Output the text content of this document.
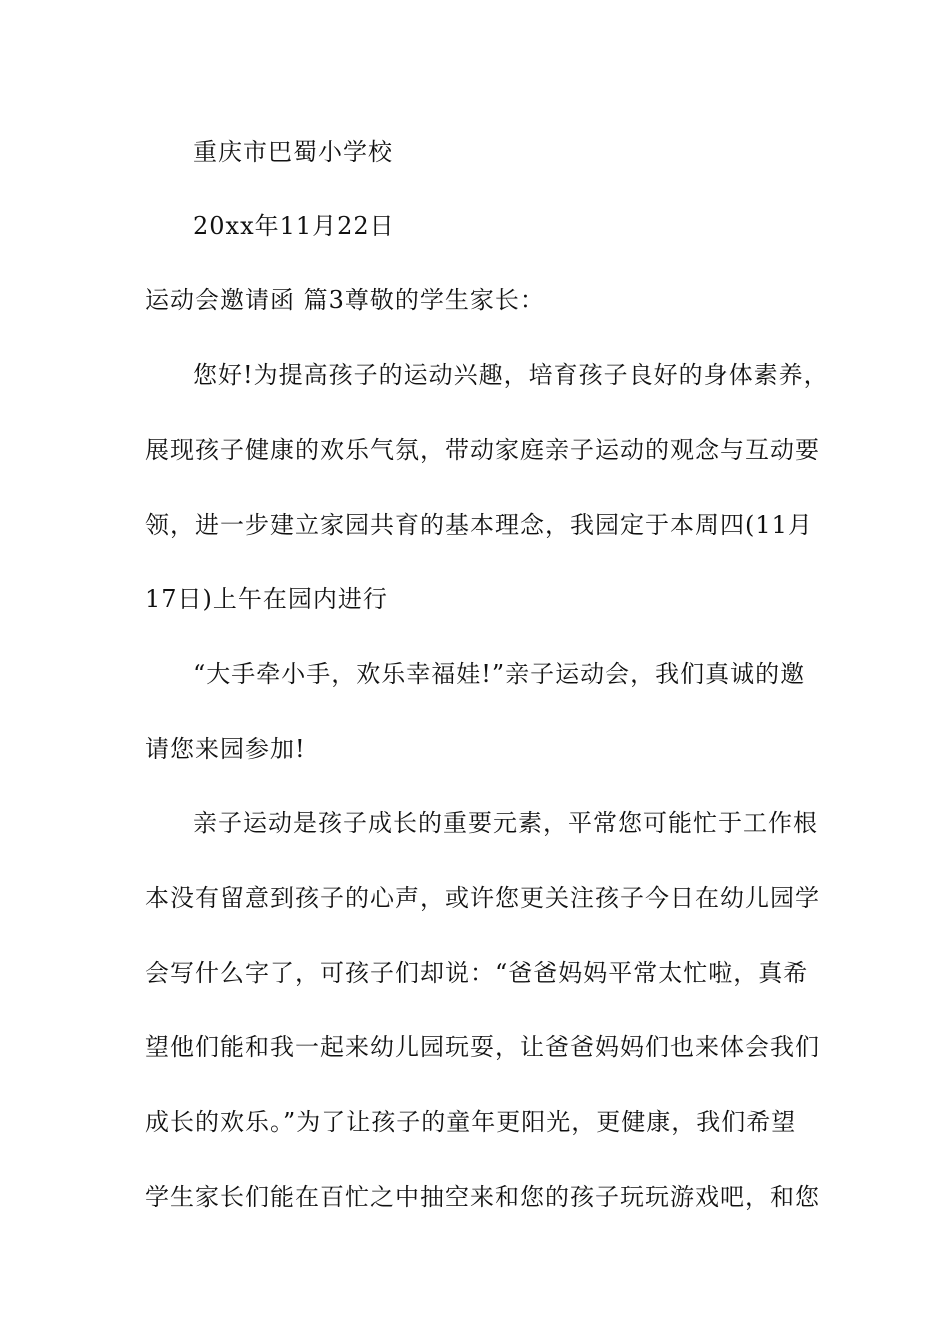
重庆市巴蜀小学校
20xx年11月22日
运动会邀请函 篇3尊敬的学生家长：
您好!为提高孩子的运动兴趣，培育孩子良好的身体素养，
展现孩子健康的欢乐气氛，带动家庭亲子运动的观念与互动要
领，进一步建立家园共育的基本理念，我园定于本周四(11月
17日)上午在园内进行
“大手牵小手，欢乐幸福娃!”亲子运动会，我们真诚的邀
请您来园参加!
亲子运动是孩子成长的重要元素，平常您可能忙于工作根
本没有留意到孩子的心声，或许您更关注孩子今日在幼儿园学
会写什么字了，可孩子们却说：“爸爸妈妈平常太忙啦，真希
望他们能和我一起来幼儿园玩耍，让爸爸妈妈们也来体会我们
成长的欢乐。”为了让孩子的童年更阳光，更健康，我们希望
学生家长们能在百忙之中抽空来和您的孩子玩玩游戏吧，和您
